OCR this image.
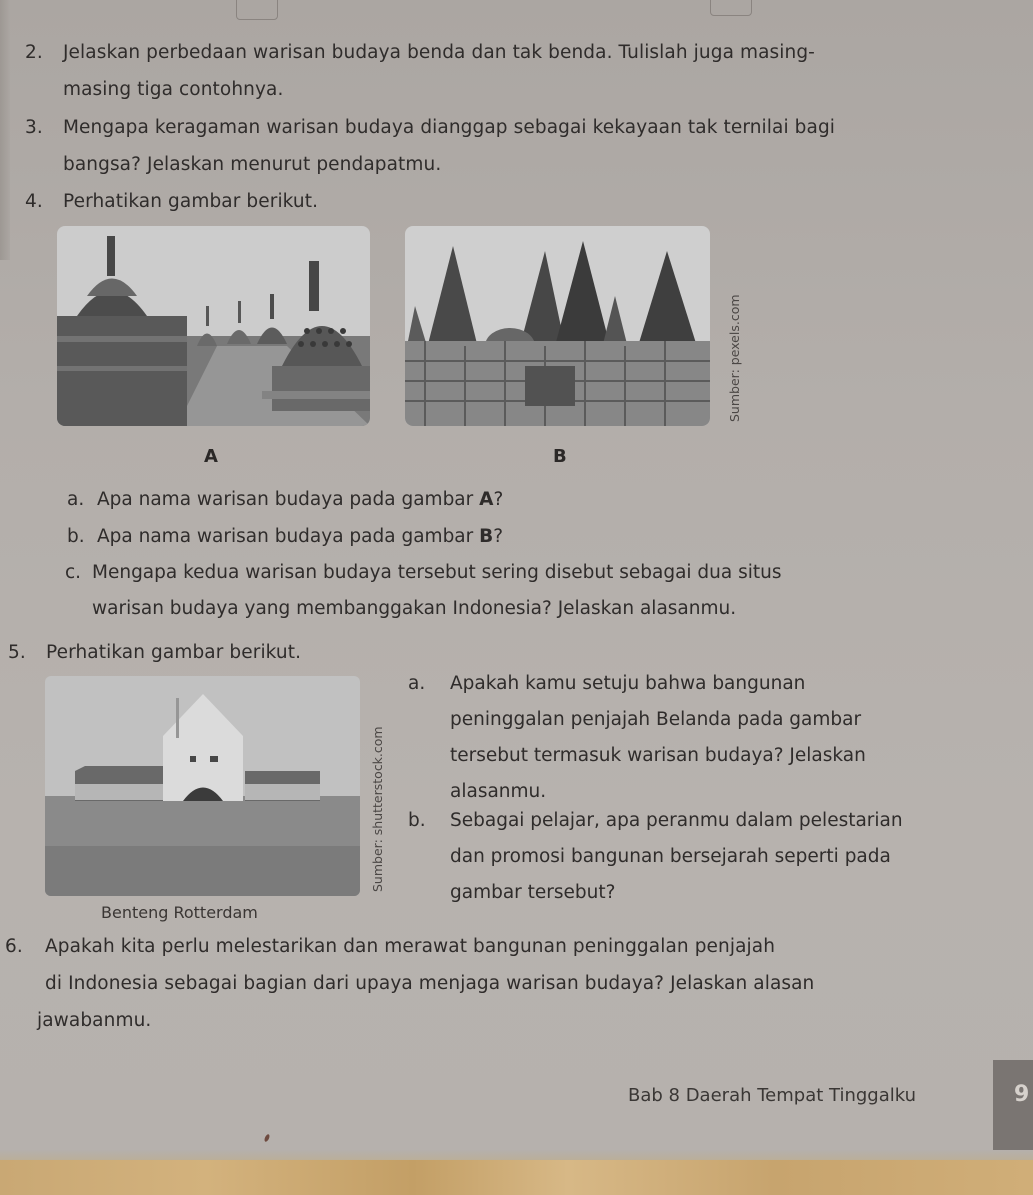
2. Jelaskan perbedaan warisan budaya benda dan tak benda. Tulislah juga masing-
masing tiga contohnya.
3. Mengapa keragaman warisan budaya dianggap sebagai kekayaan tak ternilai bagi
bangsa? Jelaskan menurut pendapatmu.
4. Perhatikan gambar berikut.
Sumber: pexels.com
A	B
a. Apa nama warisan budaya pada gambar A?
b. Apa nama warisan budaya pada gambar B?
c. Mengapa kedua warisan budaya tersebut sering disebut sebagai dua situs
warisan budaya yang membanggakan Indonesia? Jelaskan alasanmu.
5. Perhatikan gambar berikut.
Sumber: shutterstock.com
Benteng Rotterdam
a. Apakah kamu setuju bahwa bangunan
peninggalan penjajah Belanda pada gambar
tersebut termasuk warisan budaya? Jelaskan
alasanmu.
b. Sebagai pelajar, apa peranmu dalam pelestarian
dan promosi bangunan bersejarah seperti pada
gambar tersebut?
6. Apakah kita perlu melestarikan dan merawat bangunan peninggalan penjajah
di Indonesia sebagai bagian dari upaya menjaga warisan budaya? Jelaskan alasan
jawabanmu.
Bab 8 Daerah Tempat Tinggalku	9
